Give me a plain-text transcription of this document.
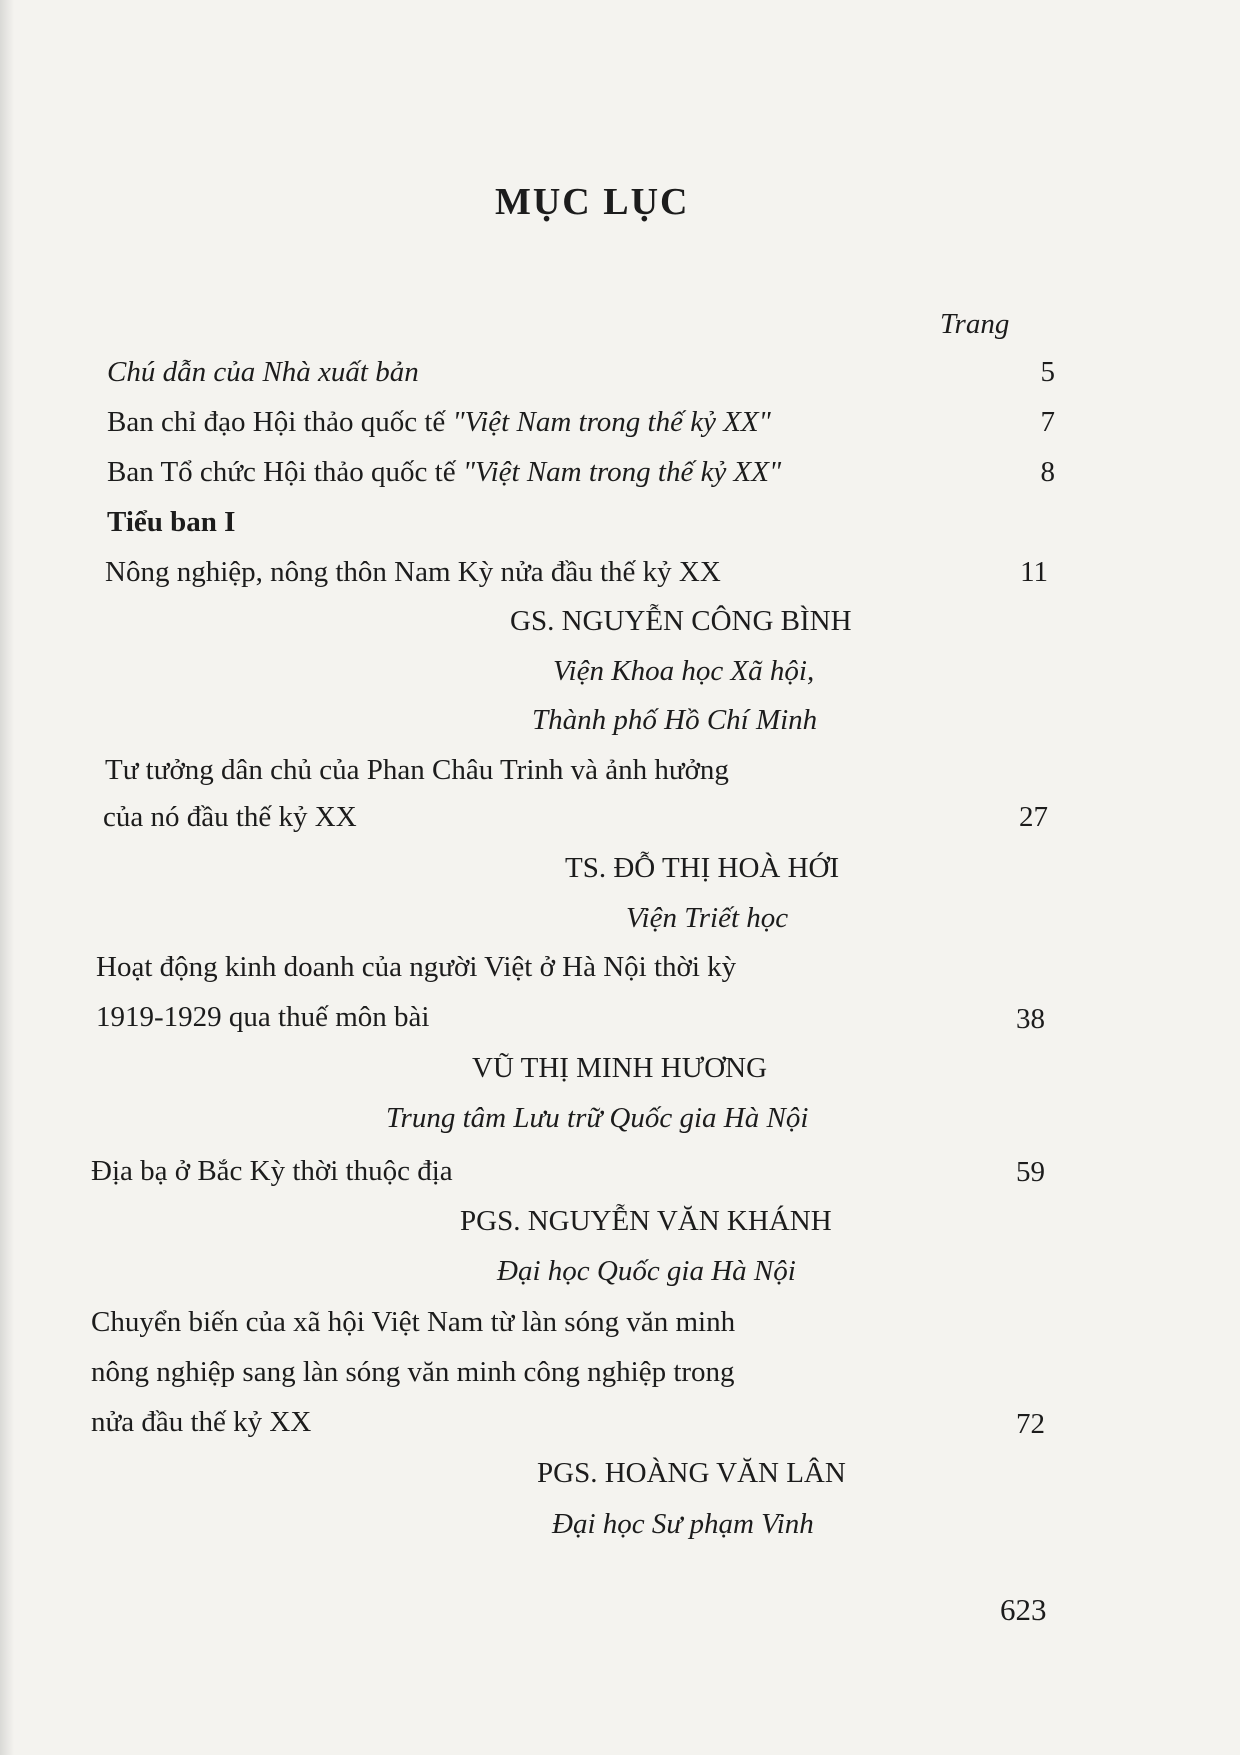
MỤC LỤC
Trang
Chú dẫn của Nhà xuất bản	5
Ban chỉ đạo Hội thảo quốc tế "Việt Nam trong thế kỷ XX"	7
Ban Tổ chức Hội thảo quốc tế "Việt Nam trong thế kỷ XX"	8
Tiểu ban I
Nông nghiệp, nông thôn Nam Kỳ nửa đầu thế kỷ XX	11
GS. NGUYỄN CÔNG BÌNH
Viện Khoa học Xã hội,
Thành phố Hồ Chí Minh
Tư tưởng dân chủ của Phan Châu Trinh và ảnh hưởng
của nó đầu thế kỷ XX	27
TS. ĐỖ THỊ HOÀ HỚI
Viện Triết học
Hoạt động kinh doanh của người Việt ở Hà Nội thời kỳ
1919-1929 qua thuế môn bài	38
VŨ THỊ MINH HƯƠNG
Trung tâm Lưu trữ Quốc gia Hà Nội
Địa bạ ở Bắc Kỳ thời thuộc địa	59
PGS. NGUYỄN VĂN KHÁNH
Đại học Quốc gia Hà Nội
Chuyển biến của xã hội Việt Nam từ làn sóng văn minh
nông nghiệp sang làn sóng văn minh công nghiệp trong
nửa đầu thế kỷ XX	72
PGS. HOÀNG VĂN LÂN
Đại học Sư phạm Vinh
623
